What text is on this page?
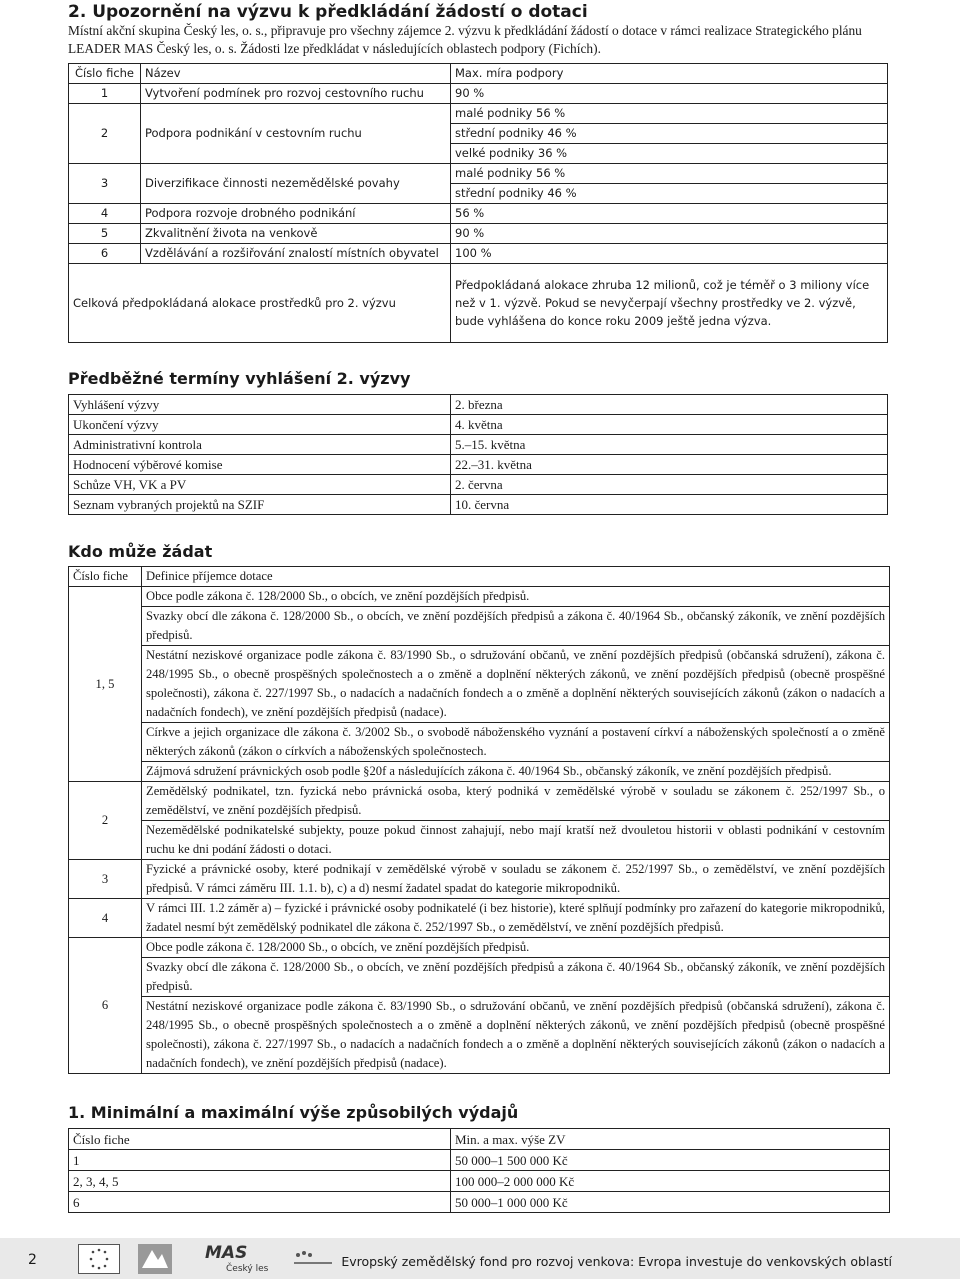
2. Upozornění na výzvu k předkládání žádostí o dotaci
Místní akční skupina Český les, o. s., připravuje pro všechny zájemce 2. výzvu k předkládání žádostí o dotace v rámci realizace Strategického plánu LEADER MAS Český les, o. s. Žádosti lze předkládat v následujících oblastech podpory (Fichích).
Číslo fiche	Název	Max. míra podpory
1	Vytvoření podmínek pro rozvoj cestovního ruchu	90 %
2	Podpora podnikání v cestovním ruchu	malé podniky 56 %
		střední podniky 46 %
		velké podniky 36 %
3	Diverzifikace činnosti nezemědělské povahy	malé podniky 56 %
		střední podniky 46 %
4	Podpora rozvoje drobného podnikání	56 %
5	Zkvalitnění života na venkově	90 %
6	Vzdělávání a rozšiřování znalostí místních obyvatel	100 %
Celková předpokládaná alokace prostředků pro 2. výzvu		Předpokládaná alokace zhruba 12 milionů, což je téměř o 3 miliony více než v 1. výzvě. Pokud se nevyčerpají všechny prostředky ve 2. výzvě, bude vyhlášena do konce roku 2009 ještě jedna výzva.
Předběžné termíny vyhlášení 2. výzvy
Vyhlášení výzvy	2. března
Ukončení výzvy	4. května
Administrativní kontrola	5.–15. května
Hodnocení výběrové komise	22.–31. května
Schůze VH, VK a PV	2. června
Seznam vybraných projektů na SZIF	10. června
Kdo může žádat
Číslo fiche	Definice příjemce dotace
1, 5	Obce podle zákona č. 128/2000 Sb., o obcích, ve znění pozdějších předpisů.
	Svazky obcí dle zákona č. 128/2000 Sb., o obcích, ve znění pozdějších předpisů a zákona č. 40/1964 Sb., občanský zákoník, ve znění pozdějších předpisů.
	Nestátní neziskové organizace podle zákona č. 83/1990 Sb., o sdružování občanů, ve znění pozdějších předpisů (občanská sdružení), zákona č. 248/1995 Sb., o obecně prospěšných společnostech a o změně a doplnění některých zákonů, ve znění pozdějších předpisů (obecně prospěšné společnosti), zákona č. 227/1997 Sb., o nadacích a nadačních fondech a o změně a doplnění některých souvisejících zákonů (zákon o nadacích a nadačních fondech), ve znění pozdějších předpisů (nadace).
	Církve a jejich organizace dle zákona č. 3/2002 Sb., o svobodě náboženského vyznání a postavení církví a náboženských společností a o změně některých zákonů (zákon o církvích a náboženských společnostech.
	Zájmová sdružení právnických osob podle §20f a následujících zákona č. 40/1964 Sb., občanský zákoník, ve znění pozdějších předpisů.
2	Zemědělský podnikatel, tzn. fyzická nebo právnická osoba, který podniká v zemědělské výrobě v souladu se zákonem č. 252/1997 Sb., o zemědělství, ve znění pozdějších předpisů.
	Nezemědělské podnikatelské subjekty, pouze pokud činnost zahajují, nebo mají kratší než dvouletou historii v oblasti podnikání v cestovním ruchu ke dni podání žádosti o dotaci.
3	Fyzické a právnické osoby, které podnikají v zemědělské výrobě v souladu se zákonem č. 252/1997 Sb., o zemědělství, ve znění pozdějších předpisů. V rámci záměru III. 1.1. b), c) a d) nesmí žadatel spadat do kategorie mikropodniků.
4	V rámci III. 1.2 záměr a) – fyzické i právnické osoby podnikatelé (i bez historie), které splňují podmínky pro zařazení do kategorie mikropodniků, žadatel nesmí být zemědělský podnikatel dle zákona č. 252/1997 Sb., o zemědělství, ve znění pozdějších předpisů.
6	Obce podle zákona č. 128/2000 Sb., o obcích, ve znění pozdějších předpisů.
	Svazky obcí dle zákona č. 128/2000 Sb., o obcích, ve znění pozdějších předpisů a zákona č. 40/1964 Sb., občanský zákoník, ve znění pozdějších předpisů.
	Nestátní neziskové organizace podle zákona č. 83/1990 Sb., o sdružování občanů, ve znění pozdějších předpisů (občanská sdružení), zákona č. 248/1995 Sb., o obecně prospěšných společnostech a o změně a doplnění některých zákonů, ve znění pozdějších předpisů (obecně prospěšné společnosti), zákona č. 227/1997 Sb., o nadacích a nadačních fondech a o změně a doplnění některých souvisejících zákonů (zákon o nadacích a nadačních fondech), ve znění pozdějších předpisů (nadace).
1. Minimální a maximální výše způsobilých výdajů
Číslo fiche	Min. a max. výše ZV
1	50 000–1 500 000 Kč
2, 3, 4, 5	100 000–2 000 000 Kč
6	50 000–1 000 000 Kč
2	MAS
Český les	Evropský zemědělský fond pro rozvoj venkova: Evropa investuje do venkovských oblastí
